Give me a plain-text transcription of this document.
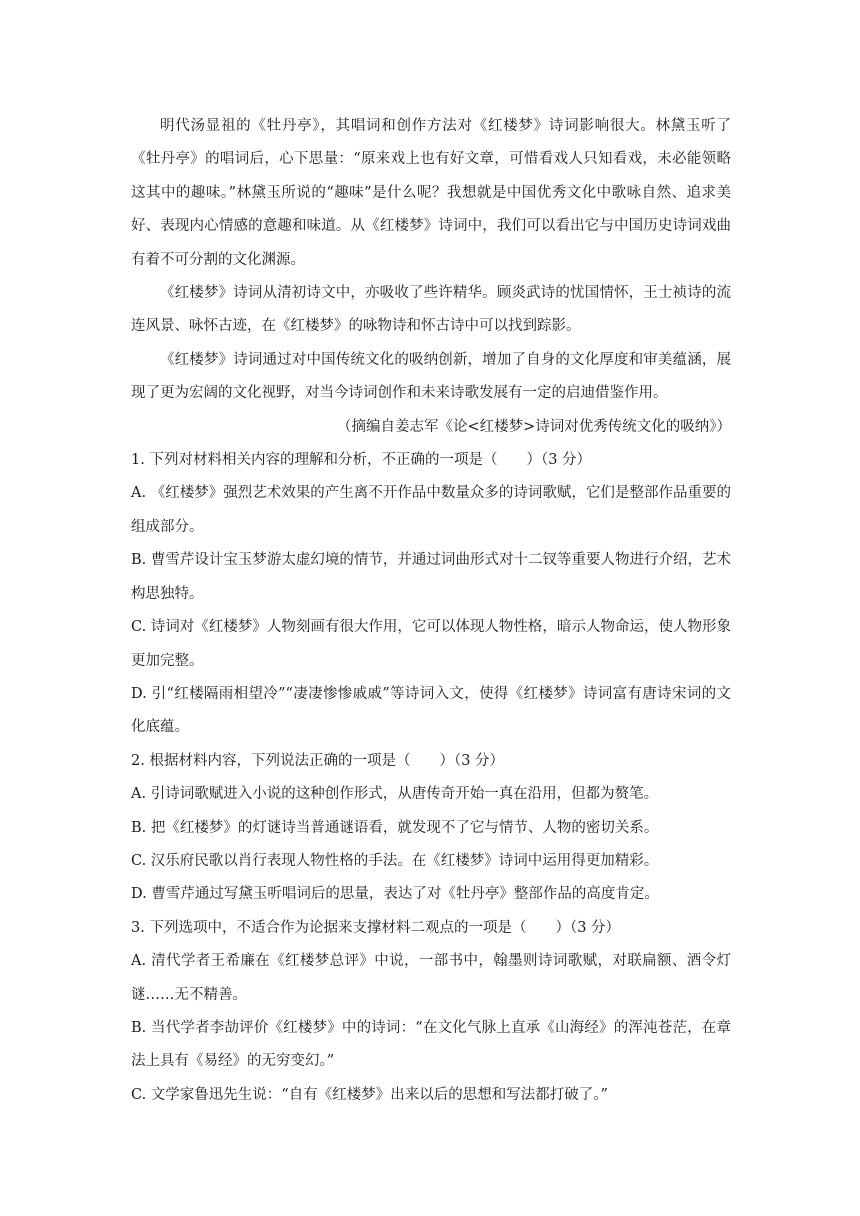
明代汤显祖的《牡丹亭》，其唱词和创作方法对《红楼梦》诗词影响很大。林黛玉听了《牡丹亭》的唱词后，心下思量：“原来戏上也有好文章，可惜看戏人只知看戏，未必能领略这其中的趣味。”林黛玉所说的“趣味”是什么呢？我想就是中国优秀文化中歌咏自然、追求美好、表现内心情感的意趣和味道。从《红楼梦》诗词中，我们可以看出它与中国历史诗词戏曲有着不可分割的文化渊源。

《红楼梦》诗词从清初诗文中，亦吸收了些许精华。顾炎武诗的忧国情怀，王士祯诗的流连风景、咏怀古迹，在《红楼梦》的咏物诗和怀古诗中可以找到踪影。

《红楼梦》诗词通过对中国传统文化的吸纳创新，增加了自身的文化厚度和审美蕴涵，展现了更为宏阔的文化视野，对当今诗词创作和未来诗歌发展有一定的启迪借鉴作用。

（摘编自姜志军《论<红楼梦>诗词对优秀传统文化的吸纳》）

1. 下列对材料相关内容的理解和分析，不正确的一项是（　　）（3 分）

A. 《红楼梦》强烈艺术效果的产生离不开作品中数量众多的诗词歌赋，它们是整部作品重要的组成部分。

B. 曹雪芹设计宝玉梦游太虚幻境的情节，并通过词曲形式对十二钗等重要人物进行介绍，艺术构思独特。

C. 诗词对《红楼梦》人物刻画有很大作用，它可以体现人物性格，暗示人物命运，使人物形象更加完整。

D. 引“红楼隔雨相望冷”“凄凄惨惨戚戚”等诗词入文，使得《红楼梦》诗词富有唐诗宋词的文化底蕴。

2. 根据材料内容，下列说法正确的一项是（　　）（3 分）

A. 引诗词歌赋进入小说的这种创作形式，从唐传奇开始一真在沿用，但都为赘笔。

B. 把《红楼梦》的灯谜诗当普通谜语看，就发现不了它与情节、人物的密切关系。

C. 汉乐府民歌以肖行表现人物性格的手法。在《红楼梦》诗词中运用得更加精彩。

D. 曹雪芹通过写黛玉听唱词后的思量，表达了对《牡丹亭》整部作品的高度肯定。

3. 下列选项中，不适合作为论据来支撑材料二观点的一项是（　　）（3 分）

A. 清代学者王希廉在《红楼梦总评》中说，一部书中，翰墨则诗词歌赋，对联扁额、酒令灯谜……无不精善。

B. 当代学者李劼评价《红楼梦》中的诗词：“在文化气脉上直承《山海经》的浑沌苍茫，在章法上具有《易经》的无穷变幻。”

C. 文学家鲁迅先生说：“自有《红楼梦》出来以后的思想和写法都打破了。”
